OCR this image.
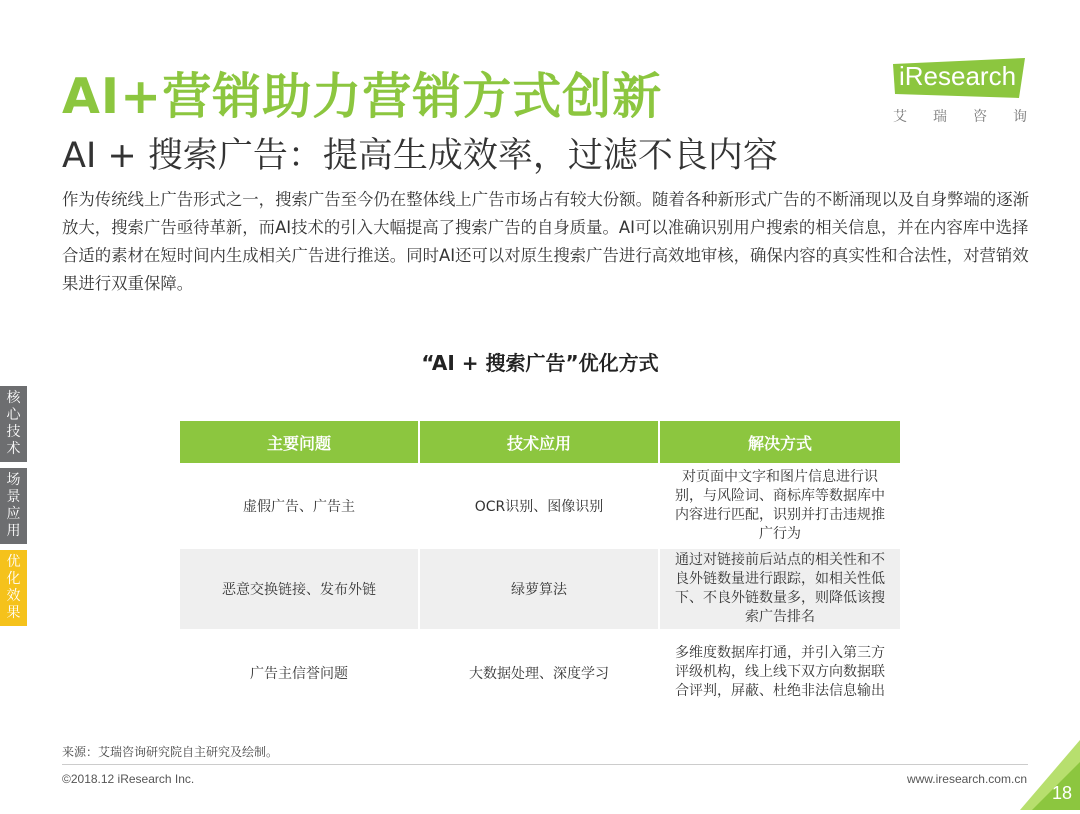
AI+营销助力营销方式创新
AI + 搜索广告：提高生成效率，过滤不良内容
iResearch
艾 瑞 咨 询
作为传统线上广告形式之一，搜索广告至今仍在整体线上广告市场占有较大份额。随着各种新形式广告的不断涌现以及自身弊端的逐渐放大，搜索广告亟待革新，而AI技术的引入大幅提高了搜索广告的自身质量。AI可以准确识别用户搜索的相关信息，并在内容库中选择合适的素材在短时间内生成相关广告进行推送。同时AI还可以对原生搜索广告进行高效地审核，确保内容的真实性和合法性，对营销效果进行双重保障。
“AI + 搜索广告”优化方式
核心技术
场景应用
优化效果
主要问题	技术应用	解决方式
虚假广告、广告主	OCR识别、图像识别	对页面中文字和图片信息进行识别，与风险词、商标库等数据库中内容进行匹配，识别并打击违规推广行为
恶意交换链接、发布外链	绿萝算法	通过对链接前后站点的相关性和不良外链数量进行跟踪，如相关性低下、不良外链数量多，则降低该搜索广告排名
广告主信誉问题	大数据处理、深度学习	多维度数据库打通，并引入第三方评级机构，线上线下双方向数据联合评判，屏蔽、杜绝非法信息输出
来源：艾瑞咨询研究院自主研究及绘制。
©2018.12 iResearch Inc.	www.iresearch.com.cn
18
